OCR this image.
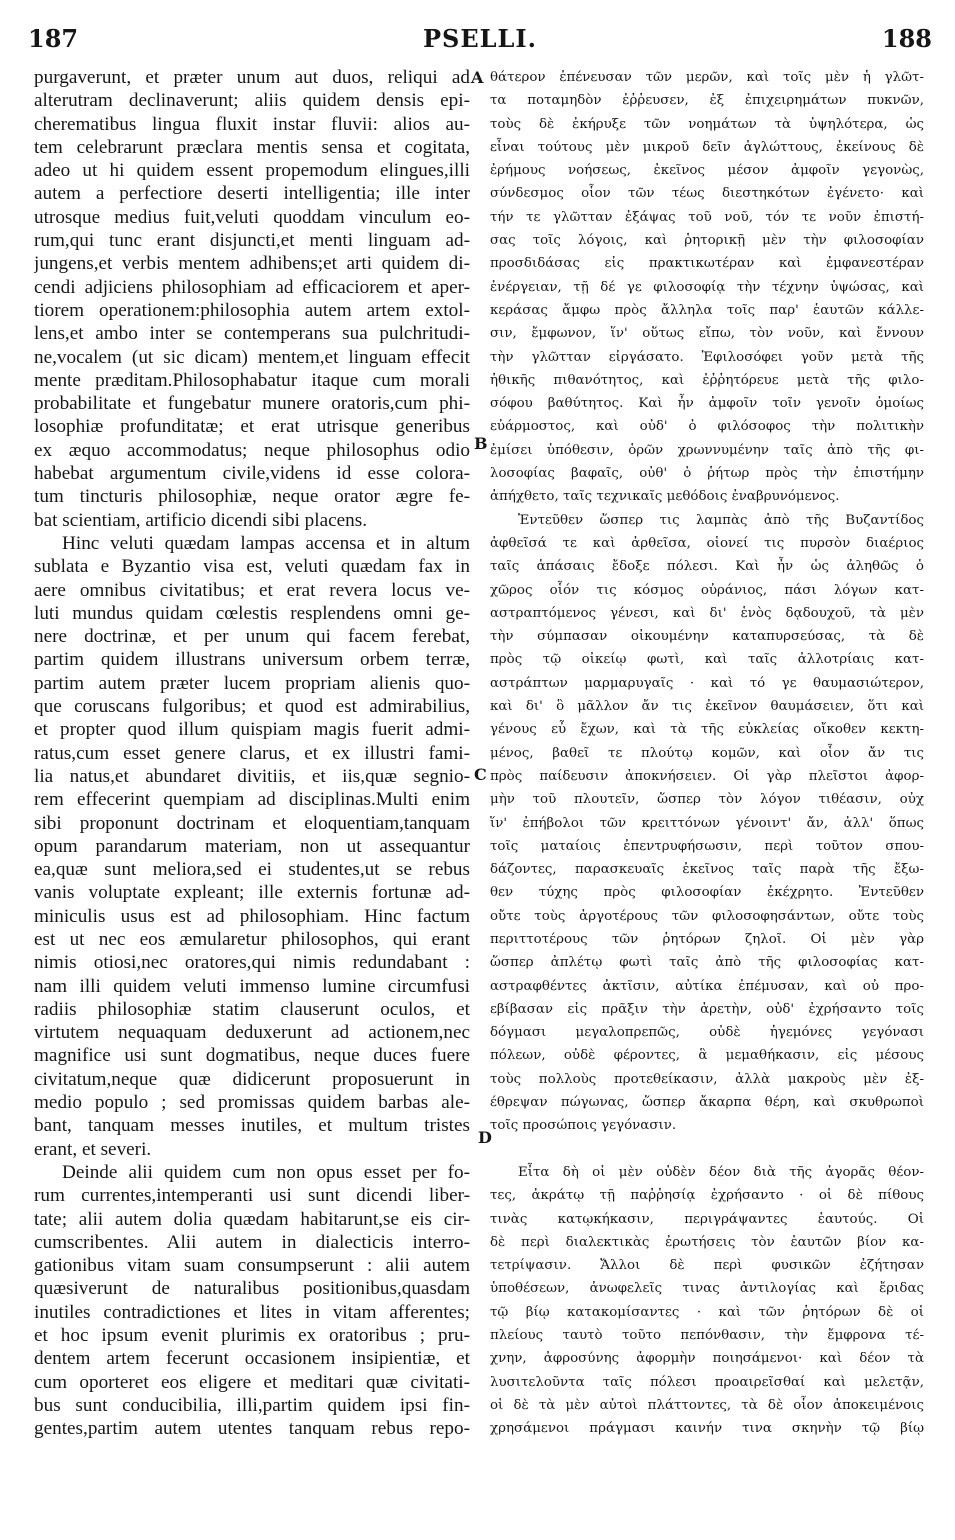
PSELLI.
187	188
purgaverunt, et præter unum aut duos, reliqui ad
alterutram declinaverunt; aliis quidem densis epi-
cherematibus lingua fluxit instar fluvii: alios au-
tem celebrarunt præclara mentis sensa et cogitata,
adeo ut hi quidem essent propemodum elingues,illi
autem a perfectiore deserti intelligentia; ille inter
utrosque medius fuit,veluti quoddam vinculum eo-
rum,qui tunc erant disjuncti,et menti linguam ad-
jungens,et verbis mentem adhibens;et arti quidem di-
cendi adjiciens philosophiam ad efficaciorem et aper-
tiorem operationem:philosophia autem artem extol-
lens,et ambo inter se contemperans sua pulchritudi-
ne,vocalem (ut sic dicam) mentem,et linguam effecit
mente præditam.Philosophabatur itaque cum morali
probabilitate et fungebatur munere oratoris,cum phi-
losophiæ profunditatæ; et erat utrisque generibus
ex æquo accommodatus; neque philosophus odio
habebat argumentum civile,videns id esse colora-
tum tincturis philosophiæ, neque orator ægre fe-
bat scientiam, artificio dicendi sibi placens.
Hinc veluti quædam lampas accensa et in altum
sublata e Byzantio visa est, veluti quædam fax in
aere omnibus civitatibus; et erat revera locus ve-
luti mundus quidam cœlestis resplendens omni ge-
nere doctrinæ, et per unum qui facem ferebat,
partim quidem illustrans universum orbem terræ,
partim autem præter lucem propriam alienis quo-
que coruscans fulgoribus; et quod est admirabilius,
et propter quod illum quispiam magis fuerit admi-
ratus,cum esset genere clarus, et ex illustri fami-
lia natus,et abundaret divitiis, et iis,quæ segnio-
rem effecerint quempiam ad disciplinas.Multi enim
sibi proponunt doctrinam et eloquentiam,tanquam
opum parandarum materiam, non ut assequantur
ea,quæ sunt meliora,sed ei studentes,ut se rebus
vanis voluptate expleant; ille externis fortunæ ad-
miniculis usus est ad philosophiam. Hinc factum
est ut nec eos æmularetur philosophos, qui erant
nimis otiosi,nec oratores,qui nimis redundabant :
nam illi quidem veluti immenso lumine circumfusi
radiis philosophiæ statim clauserunt oculos, et
virtutem nequaquam deduxerunt ad actionem,nec
magnifice usi sunt dogmatibus, neque duces fuere
civitatum,neque quæ didicerunt proposuerunt in
medio populo ; sed promissas quidem barbas ale-
bant, tanquam messes inutiles, et multum tristes
erant, et severi.
Deinde alii quidem cum non opus esset per fo-
rum currentes,intemperanti usi sunt dicendi liber-
tate; alii autem dolia quædam habitarunt,se eis cir-
cumscribentes. Alii autem in dialecticis interro-
gationibus vitam suam consumpserunt : alii autem
quæsiverunt de naturalibus positionibus,quasdam
inutiles contradictiones et lites in vitam afferentes;
et hoc ipsum evenit plurimis ex oratoribus ; pru-
dentem artem fecerunt occasionem insipientiæ, et
cum oporteret eos eligere et meditari quæ civitati-
bus sunt conducibilia, illi,partim quidem ipsi fin-
gentes,partim autem utentes tanquam rebus repo-
θάτερον ἐπένευσαν τῶν μερῶν, καὶ τοῖς μὲν ἡ γλῶτ-
τα ποταμηδὸν ἐῤῥευσεν, ἐξ ἐπιχειρημάτων πυκνῶν,
τοὺς δὲ ἐκήρυξε τῶν νοημάτων τὰ ὑψηλότερα, ὡς
εἶναι τούτους μὲν μικροῦ δεῖν ἀγλώττους, ἐκείνους δὲ
ἐρήμους νοήσεως, ἐκεῖνος μέσον ἀμφοῖν γεγονὼς,
σύνδεσμος οἷον τῶν τέως διεστηκότων ἐγένετο· καὶ
τήν τε γλῶτταν ἐξάψας τοῦ νοῦ, τόν τε νοῦν ἐπιστή-
σας τοῖς λόγοις, καὶ ῥητορικῇ μὲν τὴν φιλοσοφίαν
προσδιδάσας εἰς πρακτικωτέραν καὶ ἐμφανεστέραν
ἐνέργειαν, τῇ δέ γε φιλοσοφίᾳ τὴν τέχνην ὑψώσας, καὶ
κεράσας ἄμφω πρὸς ἄλληλα τοῖς παρ' ἑαυτῶν κάλλε-
σιν, ἔμφωνον, ἵν' οὕτως εἴπω, τὸν νοῦν, καὶ ἔννουν
τὴν γλῶτταν εἰργάσατο. Ἐφιλοσόφει γοῦν μετὰ τῆς
ἠθικῆς πιθανότητος, καὶ ἐῤῥητόρευε μετὰ τῆς φιλο-
σόφου βαθύτητος. Καὶ ἦν ἀμφοῖν τοῖν γενοῖν ὁμοίως
εὐάρμοστος, καὶ οὐδ' ὁ φιλόσοφος τὴν πολιτικὴν
ἐμίσει ὑπόθεσιν, ὁρῶν χρωννυμένην ταῖς ἀπὸ τῆς φι-
λοσοφίας βαφαῖς, οὐθ' ὁ ῥήτωρ πρὸς τὴν ἐπιστήμην
ἀπήχθετο, ταῖς τεχνικαῖς μεθόδοις ἐναβρυνόμενος.
Ἐντεῦθεν ὥσπερ τις λαμπὰς ἀπὸ τῆς Βυζαντίδος
ἀφθεῖσά τε καὶ ἀρθεῖσα, οἱονεί τις πυρσὸν διαέριος
ταῖς ἁπάσαις ἔδοξε πόλεσι. Καὶ ἦν ὡς ἀληθῶς ὁ
χῶρος οἷόν τις κόσμος οὐράνιος, πάσι λόγων κατ-
αστραπτόμενος γένεσι, καὶ δι' ἑνὸς δᾳδουχοῦ, τὰ μὲν
τὴν σύμπασαν οἰκουμένην καταπυρσεύσας, τὰ δὲ
πρὸς τῷ οἰκείῳ φωτὶ, καὶ ταῖς ἀλλοτρίαις κατ-
αστράπτων μαρμαρυγαῖς · καὶ τό γε θαυμασιώτερον,
καὶ δι' ὃ μᾶλλον ἄν τις ἐκεῖνον θαυμάσειεν, ὅτι καὶ
γένους εὖ ἔχων, καὶ τὰ τῆς εὐκλείας οἴκοθεν κεκτη-
μένος, βαθεῖ τε πλούτῳ κομῶν, καὶ οἷον ἄν τις
πρὸς παίδευσιν ἀποκνήσειεν. Οἱ γὰρ πλεῖστοι ἀφορ-
μὴν τοῦ πλουτεῖν, ὥσπερ τὸν λόγον τιθέασιν, οὐχ
ἵν' ἐπήβολοι τῶν κρειττόνων γένοιντ' ἄν, ἀλλ' ὅπως
τοῖς ματαίοις ἐπεντρυφήσωσιν, περὶ τοῦτον σπου-
δάζοντες, παρασκευαῖς ἐκεῖνος ταῖς παρὰ τῆς ἔξω-
θεν τύχης πρὸς φιλοσοφίαν ἐκέχρητο. Ἐντεῦθεν
οὔτε τοὺς ἀργοτέρους τῶν φιλοσοφησάντων, οὔτε τοὺς
περιττοτέρους τῶν ῥητόρων ζηλοῖ. Οἱ μὲν γὰρ
ὥσπερ ἀπλέτῳ φωτὶ ταῖς ἀπὸ τῆς φιλοσοφίας κατ-
αστραφθέντες ἀκτῖσιν, αὐτίκα ἐπέμυσαν, καὶ οὐ προ-
εβίβασαν εἰς πρᾶξιν τὴν ἀρετὴν, οὐδ' ἐχρήσαντο τοῖς
δόγμασι μεγαλοπρεπῶς, οὐδὲ ἡγεμόνες γεγόνασι
πόλεων, οὐδὲ φέροντες, ἃ μεμαθήκασιν, εἰς μέσους
τοὺς πολλοὺς προτεθείκασιν, ἀλλὰ μακροὺς μὲν ἐξ-
έθρεψαν πώγωνας, ὥσπερ ἄκαρπα θέρη, καὶ σκυθρωποὶ
τοῖς προσώποις γεγόνασιν.
Εἶτα δὴ οἱ μὲν οὐδὲν δέον διὰ τῆς ἀγορᾶς θέον-
τες, ἀκράτῳ τῇ παῤῥησίᾳ ἐχρήσαντο · οἱ δὲ πίθους
τινὰς κατῳκήκασιν, περιγράψαντες ἑαυτούς. Οἱ
δὲ περὶ διαλεκτικὰς ἐρωτήσεις τὸν ἑαυτῶν βίον κα-
τετρίψασιν. Ἄλλοι δὲ περὶ φυσικῶν ἐζήτησαν
ὑποθέσεων, ἀνωφελεῖς τινας ἀντιλογίας καὶ ἔριδας
τῷ βίῳ κατακομίσαντες · καὶ τῶν ῥητόρων δὲ οἱ
πλείους ταυτὸ τοῦτο πεπόνθασιν, τὴν ἔμφρονα τέ-
χνην, ἀφροσύνης ἀφορμὴν ποιησάμενοι· καὶ δέον τὰ
λυσιτελοῦντα ταῖς πόλεσι προαιρεῖσθαί καὶ μελετᾷν,
οἱ δὲ τὰ μὲν αὐτοὶ πλάττοντες, τὰ δὲ οἷον ἀποκειμένοις
χρησάμενοι πράγμασι καινήν τινα σκηνὴν τῷ βίῳ
A
B
C
D
